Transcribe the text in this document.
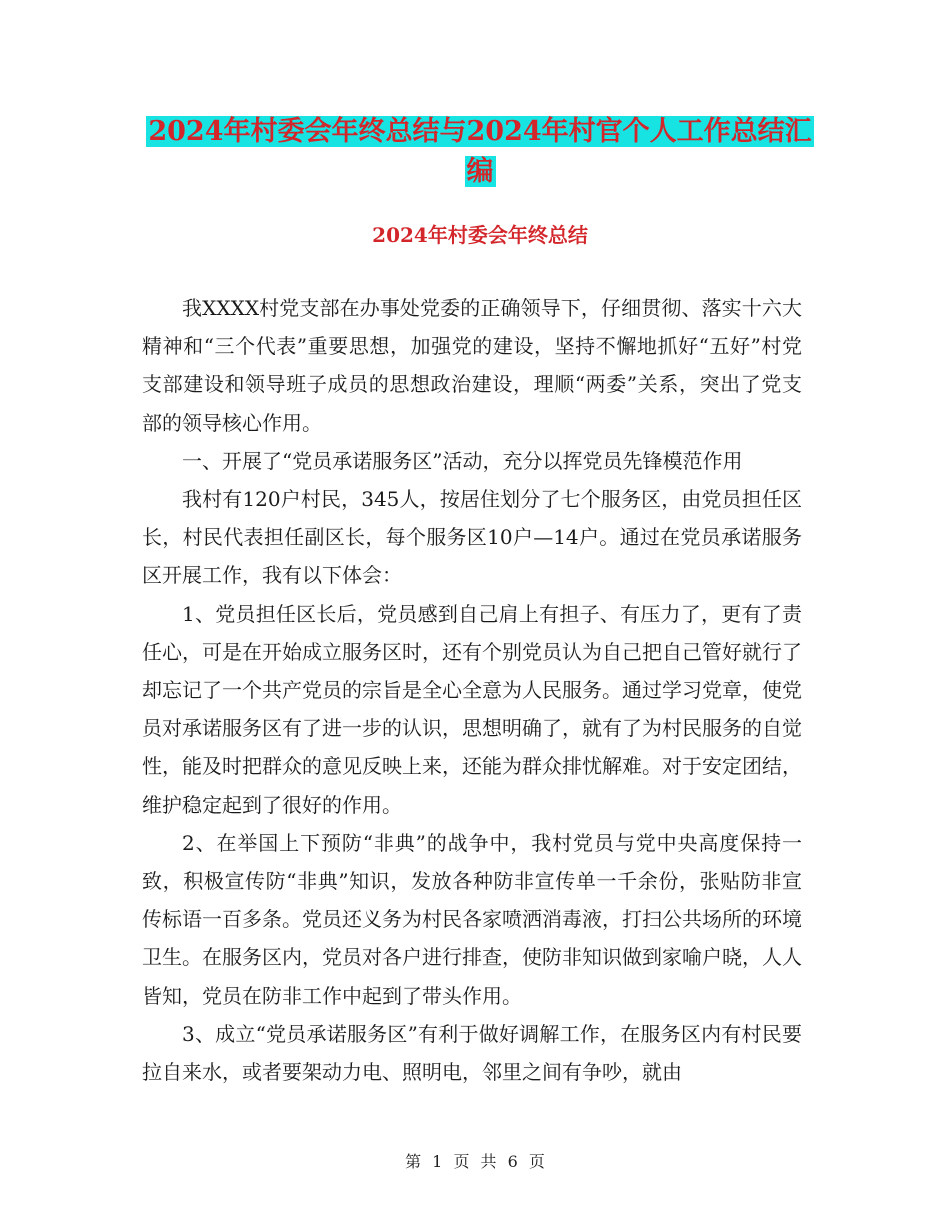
2024年村委会年终总结与2024年村官个人工作总结汇编
2024年村委会年终总结

我XXXX村党支部在办事处党委的正确领导下，仔细贯彻、落实十六大精神和“三个代表”重要思想，加强党的建设，坚持不懈地抓好“五好”村党支部建设和领导班子成员的思想政治建设，理顺“两委”关系，突出了党支部的领导核心作用。

一、开展了“党员承诺服务区”活动，充分以挥党员先锋模范作用

我村有120户村民，345人，按居住划分了七个服务区，由党员担任区长，村民代表担任副区长，每个服务区10户—14户。通过在党员承诺服务区开展工作，我有以下体会：

1、党员担任区长后，党员感到自己肩上有担子、有压力了，更有了责任心，可是在开始成立服务区时，还有个别党员认为自己把自己管好就行了却忘记了一个共产党员的宗旨是全心全意为人民服务。通过学习党章，使党员对承诺服务区有了进一步的认识，思想明确了，就有了为村民服务的自觉性，能及时把群众的意见反映上来，还能为群众排忧解难。对于安定团结，维护稳定起到了很好的作用。

2、在举国上下预防“非典”的战争中，我村党员与党中央高度保持一致，积极宣传防“非典”知识，发放各种防非宣传单一千余份，张贴防非宣传标语一百多条。党员还义务为村民各家喷洒消毒液，打扫公共场所的环境卫生。在服务区内，党员对各户进行排查，使防非知识做到家喻户晓，人人皆知，党员在防非工作中起到了带头作用。

3、成立“党员承诺服务区”有利于做好调解工作，在服务区内有村民要拉自来水，或者要架动力电、照明电，邻里之间有争吵，就由

第 1 页 共 6 页
